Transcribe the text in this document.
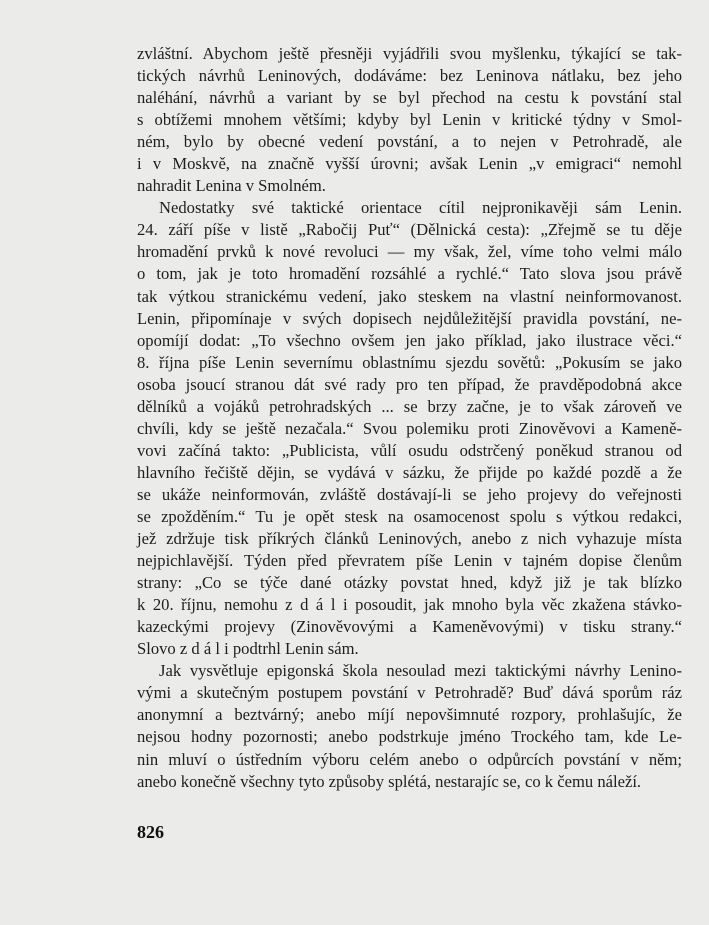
zvláštní. Abychom ještě přesněji vyjádřili svou myšlenku, týkající se tak-
tických návrhů Leninových, dodáváme: bez Leninova nátlaku, bez jeho
naléhání, návrhů a variant by se byl přechod na cestu k povstání stal
s obtížemi mnohem většími; kdyby byl Lenin v kritické týdny v Smol-
ném, bylo by obecné vedení povstání, a to nejen v Petrohradě, ale
i v Moskvě, na značně vyšší úrovni; avšak Lenin „v emigraci“ nemohl
nahradit Lenina v Smolném.
Nedostatky své taktické orientace cítil nejpronikavěji sám Lenin.
24. září píše v listě „Rabočij Puť“ (Dělnická cesta): „Zřejmě se tu děje
hromadění prvků k nové revoluci — my však, žel, víme toho velmi málo
o tom, jak je toto hromadění rozsáhlé a rychlé.“ Tato slova jsou právě
tak výtkou stranickému vedení, jako steskem na vlastní neinformovanost.
Lenin, připomínaje v svých dopisech nejdůležitější pravidla povstání, ne-
opomíjí dodat: „To všechno ovšem jen jako příklad, jako ilustrace věci.“
8. října píše Lenin severnímu oblastnímu sjezdu sovětů: „Pokusím se jako
osoba jsoucí stranou dát své rady pro ten případ, že pravděpodobná akce
dělníků a vojáků petrohradských ... se brzy začne, je to však zároveň ve
chvíli, kdy se ještě nezačala.“ Svou polemiku proti Zinověvovi a Kameně-
vovi začíná takto: „Publicista, vůlí osudu odstrčený poněkud stranou od
hlavního řečiště dějin, se vydává v sázku, že přijde po každé pozdě a že
se ukáže neinformován, zvláště dostávají-li se jeho projevy do veřejnosti
se zpožděním.“ Tu je opět stesk na osamocenost spolu s výtkou redakci,
jež zdržuje tisk příkrých článků Leninových, anebo z nich vyhazuje místa
nejpichlavější. Týden před převratem píše Lenin v tajném dopise členům
strany: „Co se týče dané otázky povstat hned, když již je tak blízko
k 20. říjnu, nemohu z d á l i posoudit, jak mnoho byla věc zkažena stávko-
kazeckými projevy (Zinověvovými a Kameněvovými) v tisku strany.“
Slovo z d á l i podtrhl Lenin sám.
Jak vysvětluje epigonská škola nesoulad mezi taktickými návrhy Lenino-
vými a skutečným postupem povstání v Petrohradě? Buď dává sporům ráz
anonymní a beztvárný; anebo míjí nepovšimnuté rozpory, prohlašujíc, že
nejsou hodny pozornosti; anebo podstrkuje jméno Trockého tam, kde Le-
nin mluví o ústředním výboru celém anebo o odpůrcích povstání v něm;
anebo konečně všechny tyto způsoby splétá, nestarajíc se, co k čemu náleží.
826
